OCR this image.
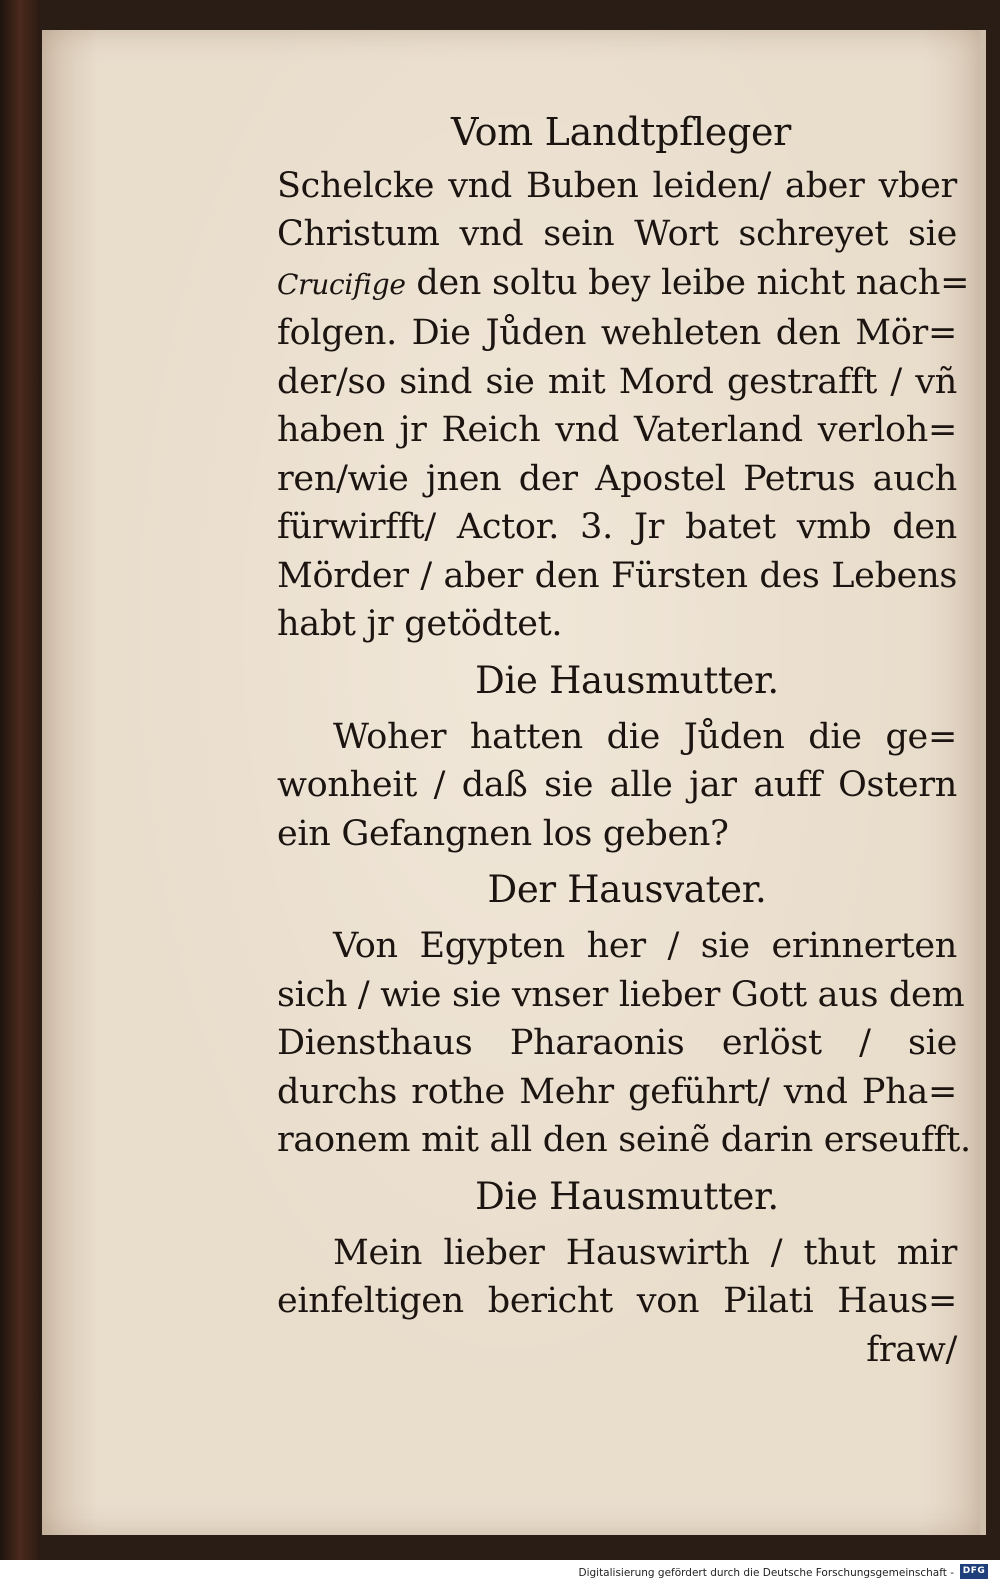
Vom Landtpfleger
Schelcke vnd Buben leiden/ aber vber
Christum vnd sein Wort schreyet sie
Crucifige den soltu bey leibe nicht nach=
folgen. Die Jůden wehleten den Mör=
der/so sind sie mit Mord gestrafft / vñ
haben jr Reich vnd Vaterland verloh=
ren/wie jnen der Apostel Petrus auch
fürwirfft/ Actor. 3. Jr batet vmb den
Mörder / aber den Fürsten des Lebens
habt jr getödtet.
Die Hausmutter.
Woher hatten die Jůden die ge=
wonheit / daß sie alle jar auff Ostern
ein Gefangnen los geben?
Der Hausvater.
Von Egypten her / sie erinnerten
sich / wie sie vnser lieber Gott aus dem
Diensthaus Pharaonis erlöst / sie
durchs rothe Mehr geführt/ vnd Pha=
raonem mit all den seinẽ darin erseufft.
Die Hausmutter.
Mein lieber Hauswirth / thut mir
einfeltigen bericht von Pilati Haus=
fraw/
Digitalisierung gefördert durch die Deutsche Forschungsgemeinschaft - DFG
